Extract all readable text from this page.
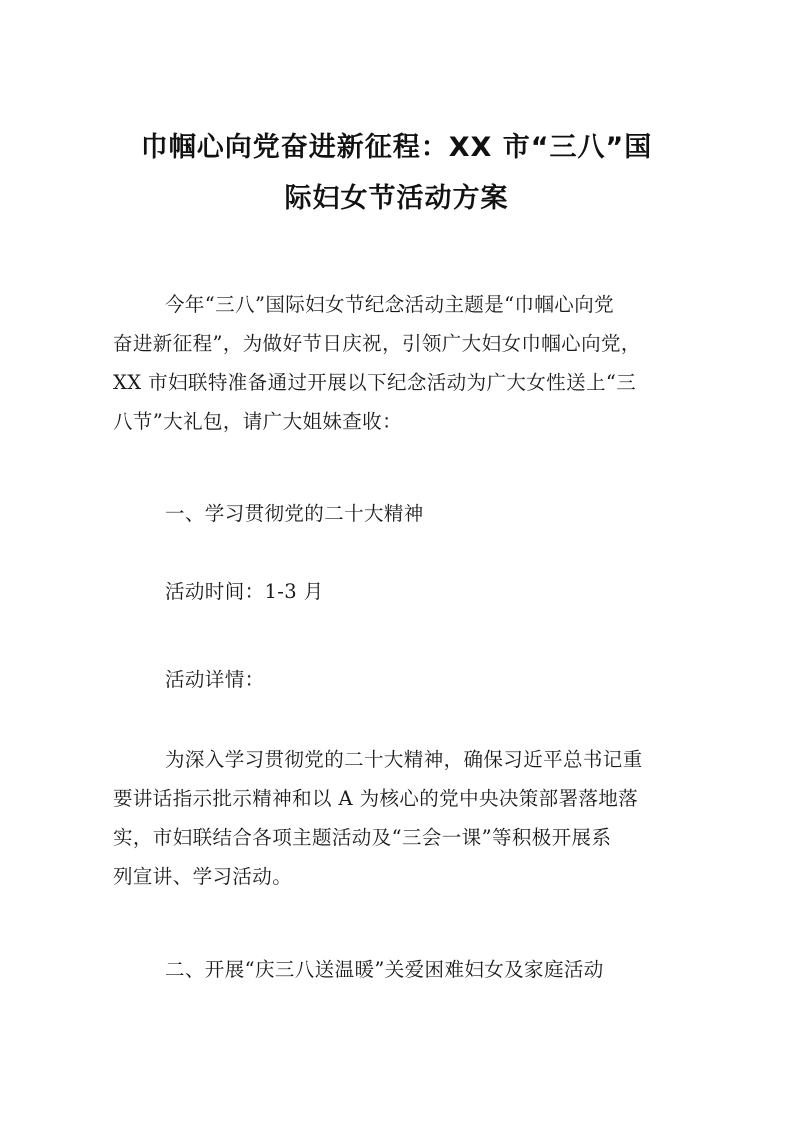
巾帼心向党奋进新征程：XX 市“三八”国
际妇女节活动方案
今年“三八”国际妇女节纪念活动主题是“巾帼心向党
奋进新征程”，为做好节日庆祝，引领广大妇女巾帼心向党，
XX 市妇联特准备通过开展以下纪念活动为广大女性送上“三
八节”大礼包，请广大姐妹查收：
一、学习贯彻党的二十大精神
活动时间：1-3 月
活动详情：
为深入学习贯彻党的二十大精神，确保习近平总书记重
要讲话指示批示精神和以 A 为核心的党中央决策部署落地落
实，市妇联结合各项主题活动及“三会一课”等积极开展系
列宣讲、学习活动。
二、开展“庆三八送温暖”关爱困难妇女及家庭活动
